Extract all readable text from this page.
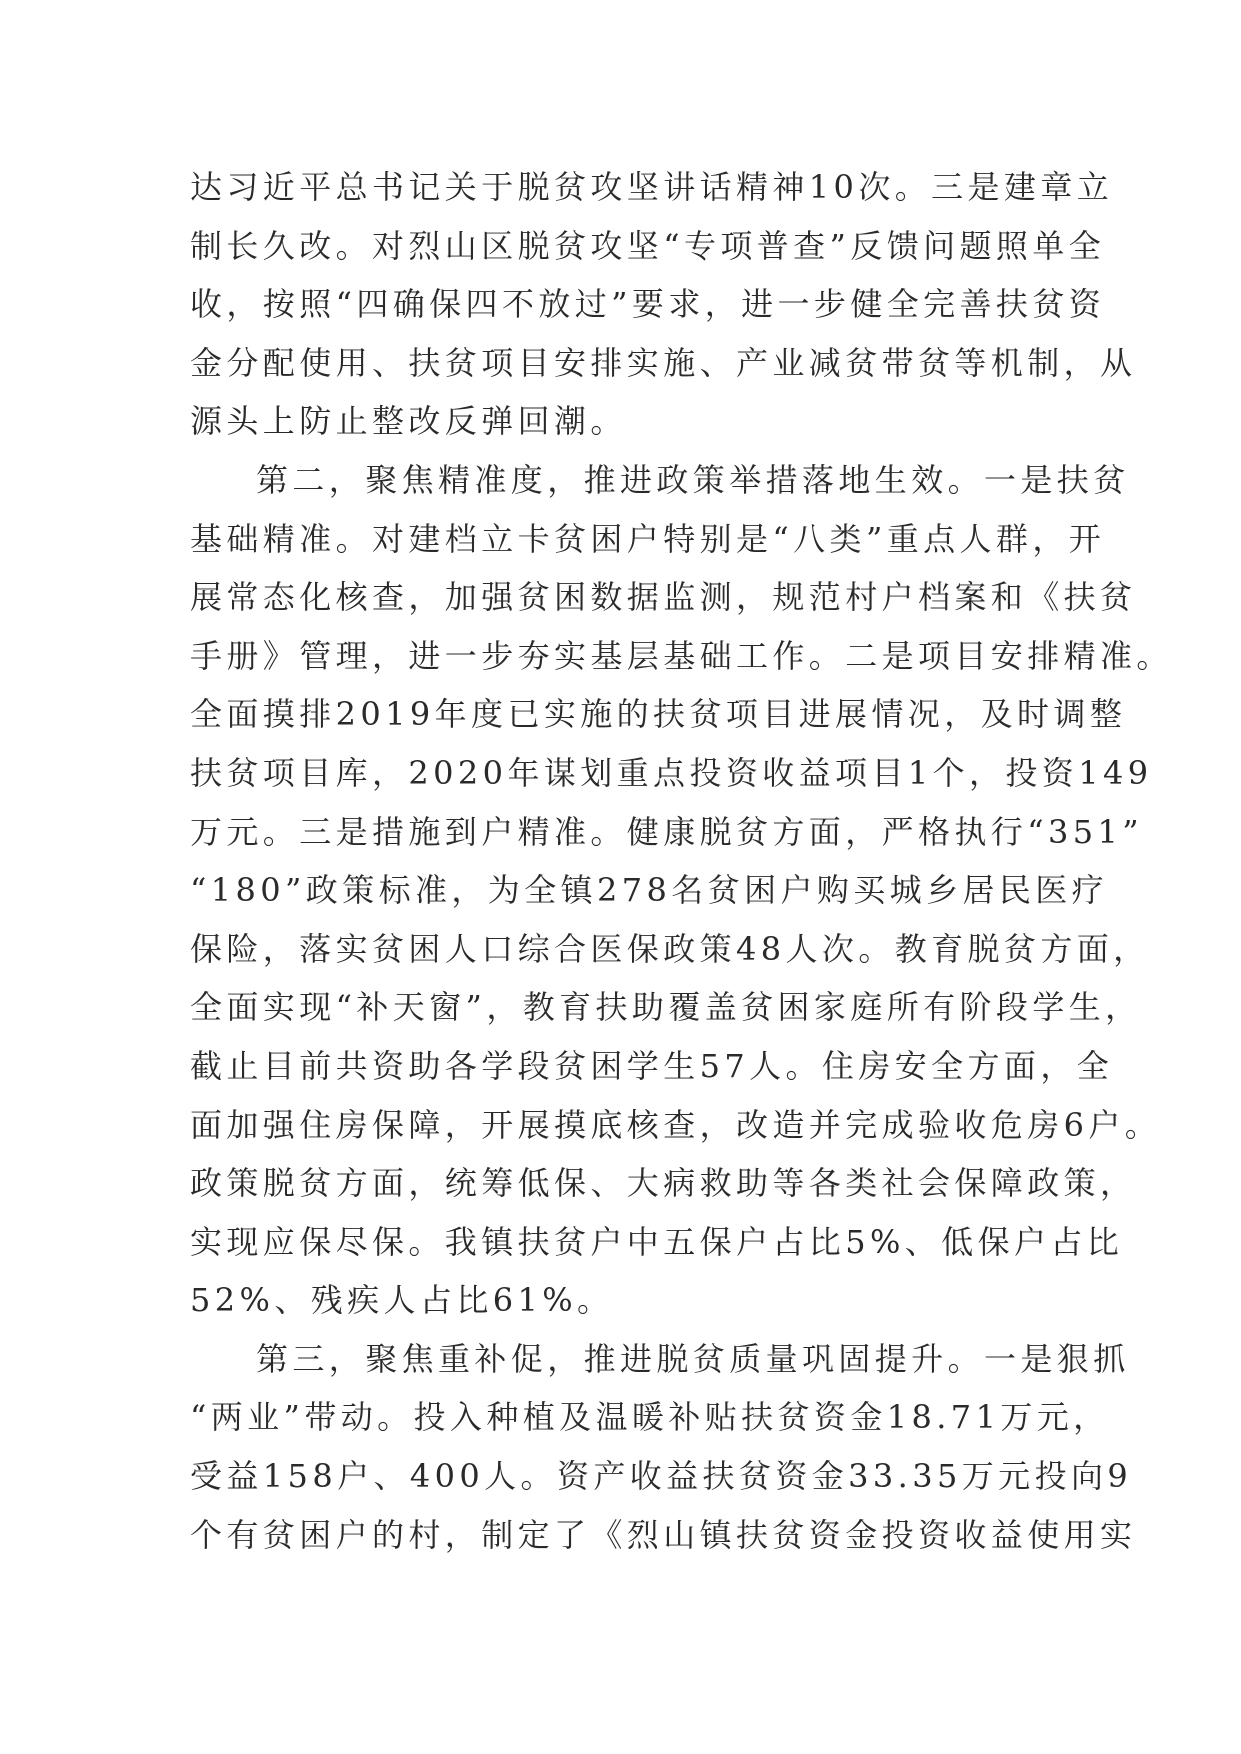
达习近平总书记关于脱贫攻坚讲话精神10次。三是建章立
制长久改。对烈山区脱贫攻坚“专项普查”反馈问题照单全
收，按照“四确保四不放过”要求，进一步健全完善扶贫资
金分配使用、扶贫项目安排实施、产业减贫带贫等机制，从
源头上防止整改反弹回潮。
第二，聚焦精准度，推进政策举措落地生效。一是扶贫
基础精准。对建档立卡贫困户特别是“八类”重点人群，开
展常态化核查，加强贫困数据监测，规范村户档案和《扶贫
手册》管理，进一步夯实基层基础工作。二是项目安排精准。
全面摸排2019年度已实施的扶贫项目进展情况，及时调整
扶贫项目库，2020年谋划重点投资收益项目1个，投资149
万元。三是措施到户精准。健康脱贫方面，严格执行“351”
“180”政策标准，为全镇278名贫困户购买城乡居民医疗
保险，落实贫困人口综合医保政策48人次。教育脱贫方面，
全面实现“补天窗”，教育扶助覆盖贫困家庭所有阶段学生，
截止目前共资助各学段贫困学生57人。住房安全方面，全
面加强住房保障，开展摸底核查，改造并完成验收危房6户。
政策脱贫方面，统筹低保、大病救助等各类社会保障政策，
实现应保尽保。我镇扶贫户中五保户占比5%、低保户占比
52%、残疾人占比61%。
第三，聚焦重补促，推进脱贫质量巩固提升。一是狠抓
“两业”带动。投入种植及温暖补贴扶贫资金18.71万元，
受益158户、400人。资产收益扶贫资金33.35万元投向9
个有贫困户的村，制定了《烈山镇扶贫资金投资收益使用实
